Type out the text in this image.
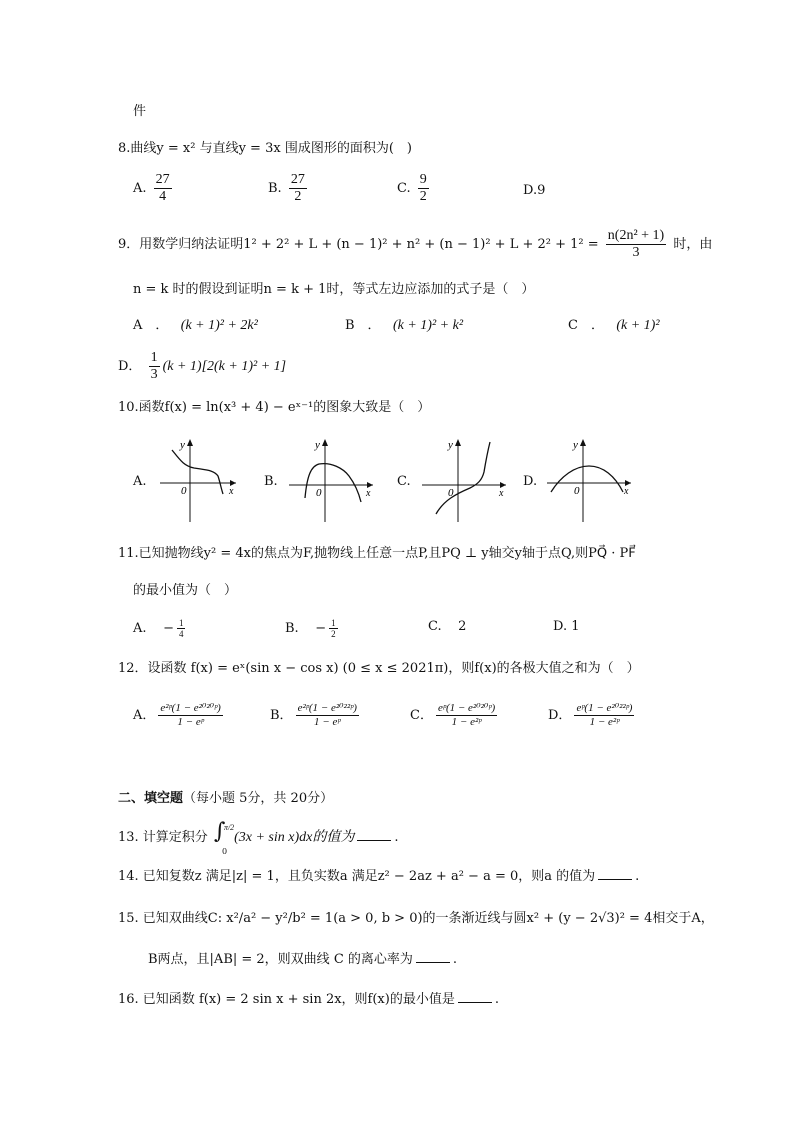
件
8.曲线y = x² 与直线y = 3x 围成图形的面积为(　)
A. $\frac{27}{4}$	B. $\frac{27}{2}$	C. $\frac{9}{2}$	D.9
9．用数学归纳法证明$1^2 + 2^2 + L + (n - 1)^2 + n^2 + (n - 1)^2 + L + 2^2 + 1^2 = \frac{\text{n(2n² + 1)}}{3}$ 时，由
n = k 时的假设到证明n = k + 1时，等式左边应添加的式子是（　）
A　． (k + 1)² + 2k²	B　． (k + 1)² + k²	C　． (k + 1)²
D． $\frac{1}{3} (k + 1)[2(k + 1)^2 + 1]$
10.函数f(x) = ln(x³ + 4) − eˣ⁻¹的图象大致是（　）
A.	B.	C.	D.
0
y
x	0
y
x	0
y
x	0
y
x
11.已知抛物线y² = 4x的焦点为F,抛物线上任意一点P,且PQ ⊥ y轴交y轴于点Q,则PQ⃗ · PF⃗
的最小值为（　）
A. − $\frac{1}{4}$	B. − $\frac{1}{2}$	C. 2	D. 1
12．设函数 f(x) = eˣ(sin x − cos x) (0 ≤ x ≤ 2021π)，则f(x)的各极大值之和为（　）
A． $\frac{\text{e²ᵖ(1 − e²⁰²⁰ᵖ)}}{\text{1 − eᵖ}}$	B． $\frac{\text{e²ᵖ(1 − e²⁰²²ᵖ)}}{\text{1 − eᵖ}}$	C． $\frac{\text{eᵖ(1 − e²⁰²⁰ᵖ)}}{\text{1 − e²ᵖ}}$	D． $\frac{\text{eᵖ(1 − e²⁰²²ᵖ)}}{\text{1 − e²ᵖ}}$
二、填空题（每小题 5分，共 20分）
13. 计算定积分 ∫
π/2
0
(3x + sin x)dx的值为	.
14. 已知复数z 满足|z| = 1，且负实数a 满足z² − 2az + a² − a = 0，则a 的值为	.
15. 已知双曲线C: x²/a² − y²/b² = 1(a > 0, b > 0)的一条渐近线与圆x² + (y − 2√3)² = 4相交于A，
B两点，且|AB| = 2，则双曲线 C 的离心率为	.
16. 已知函数 f(x) = 2 sin x + sin 2x，则f(x)的最小值是	.
